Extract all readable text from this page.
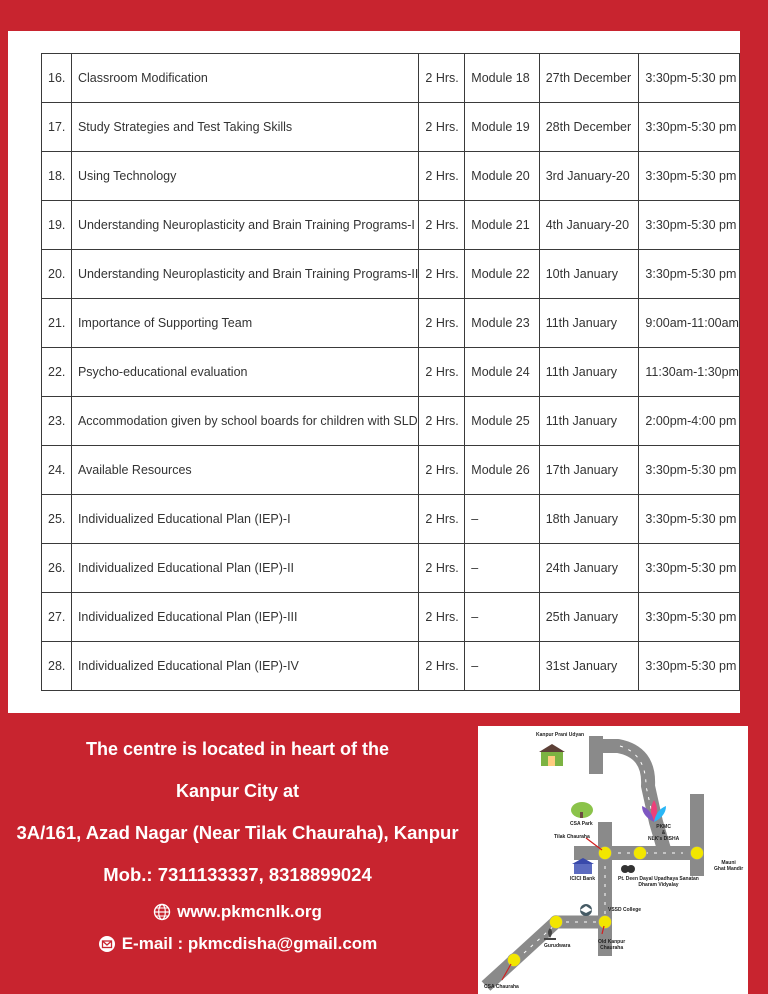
16.	Classroom Modification	2 Hrs.	Module 18	27th December	3:30pm-5:30 pm
17.	Study Strategies and Test Taking Skills	2 Hrs.	Module 19	28th December	3:30pm-5:30 pm
18.	Using Technology	2 Hrs.	Module 20	3rd January-20	3:30pm-5:30 pm
19.	Understanding Neuroplasticity and Brain Training Programs-I	2 Hrs.	Module 21	4th January-20	3:30pm-5:30 pm
20.	Understanding Neuroplasticity and Brain Training Programs-II	2 Hrs.	Module 22	10th January	3:30pm-5:30 pm
21.	Importance of Supporting Team	2 Hrs.	Module 23	11th January	9:00am-11:00am
22.	Psycho-educational evaluation	2 Hrs.	Module 24	11th January	11:30am-1:30pm
23.	Accommodation given by school boards for children with SLD	2 Hrs.	Module 25	11th January	2:00pm-4:00 pm
24.	Available Resources	2 Hrs.	Module 26	17th January	3:30pm-5:30 pm
25.	Individualized Educational Plan (IEP)-I	2 Hrs.	–	18th January	3:30pm-5:30 pm
26.	Individualized Educational Plan (IEP)-II	2 Hrs.	–	24th January	3:30pm-5:30 pm
27.	Individualized Educational Plan (IEP)-III	2 Hrs.	–	25th January	3:30pm-5:30 pm
28.	Individualized Educational Plan (IEP)-IV	2 Hrs.	–	31st January	3:30pm-5:30 pm
The centre is located in heart of the
Kanpur City at
3A/161, Azad Nagar (Near Tilak Chauraha), Kanpur
Mob.: 7311133337, 8318899024
www.pkmcnlk.org
E-mail : pkmcdisha@gmail.com
Kanpur Prani Udyan
CSA Park
Tilak Chauraha
PKMC
&
NLK's DISHA
Mauni
Ghat Mandir
ICICI Bank	Pt. Deen Dayal Upadhaya Sanatan
Dharam Vidyalay
VSSD College
Old Kanpur
Chauraha
Gurudwara
CSA Chauraha
